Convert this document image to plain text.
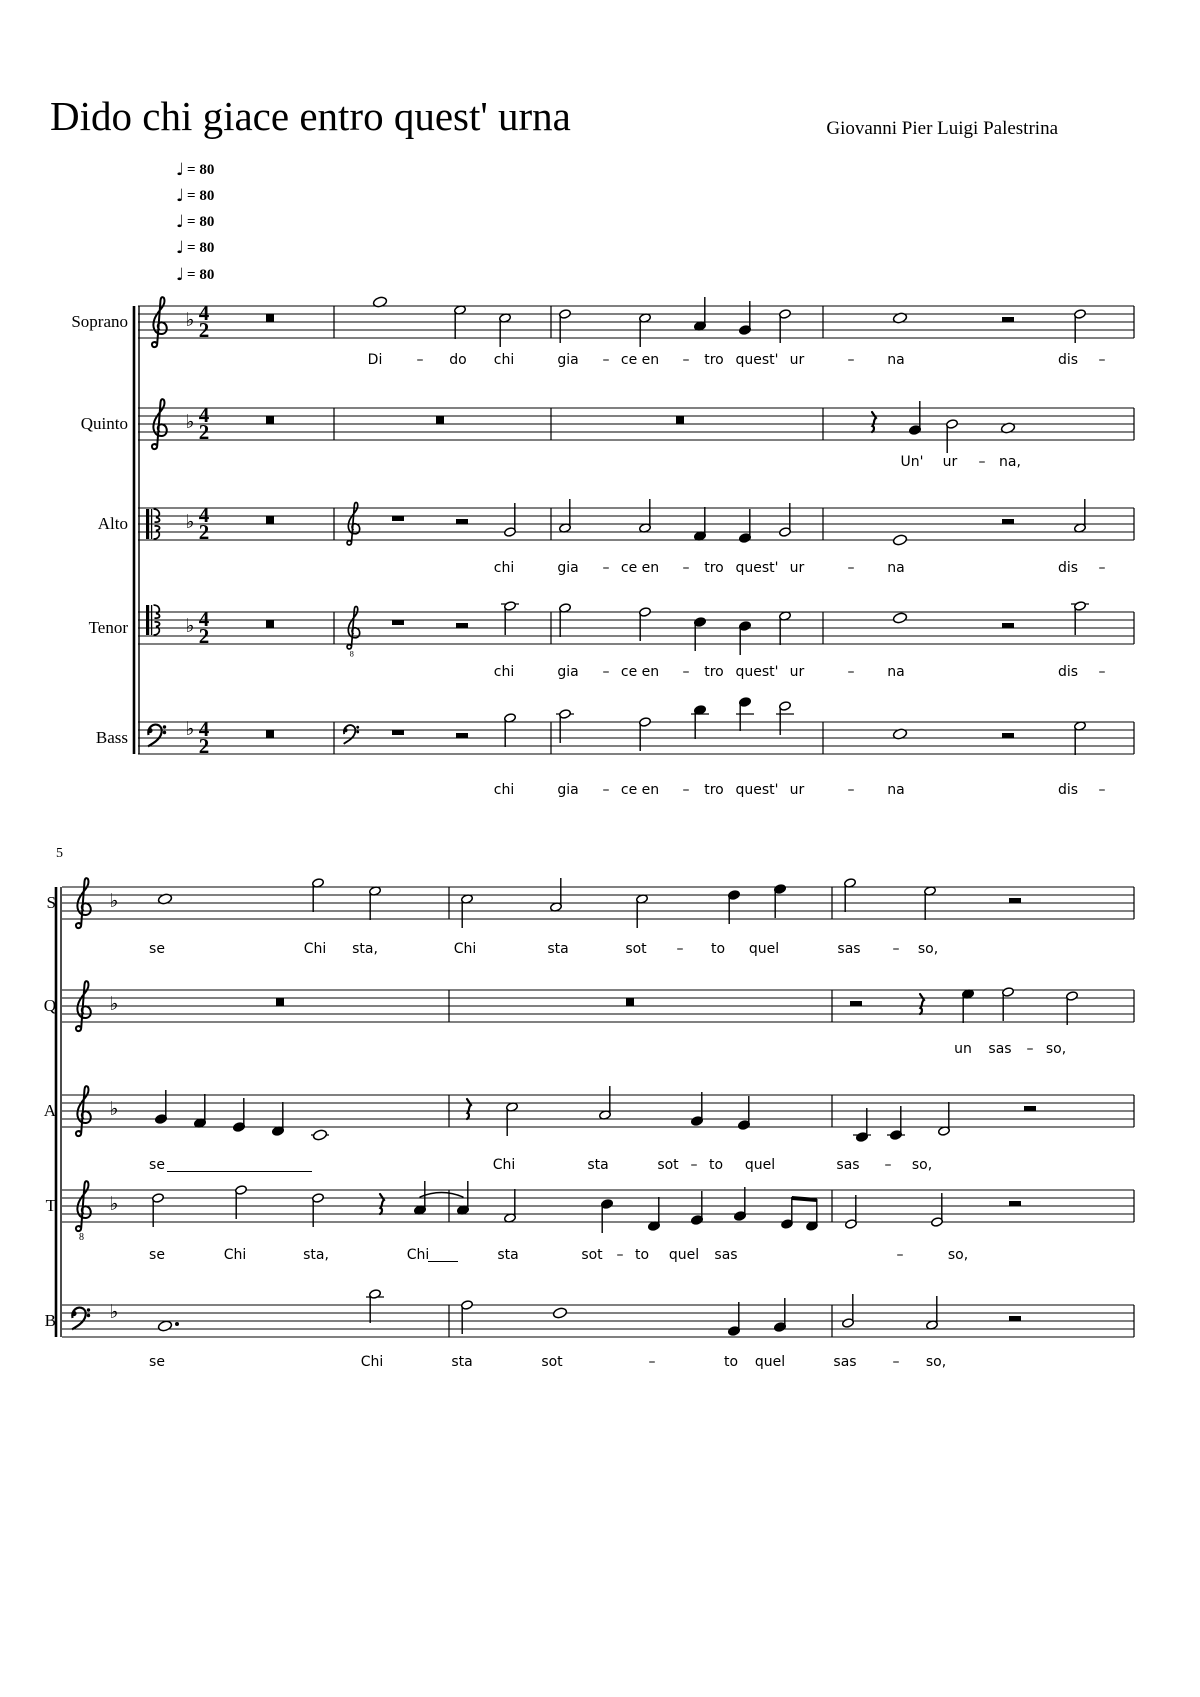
♭ 4
2
♭ 4
2
♭ 4
2
♭ 4
2
8
♭ 4
2
♭
♭
♭
8
♭
♭
Dido chi giace entro quest' urna	Giovanni Pier Luigi Palestrina
♩ = 80
♩ = 80
♩ = 80
♩ = 80
♩ = 80
5
Soprano
Di – do chi	gia – ce en – tro quest' ur	– na	dis –
Quinto
Un' ur – na,
Alto
chi	gia – ce en – tro quest' ur	– na	dis –
Tenor
chi	gia – ce en – tro quest' ur	– na	dis –
Bass
chi	gia – ce en – tro quest' ur	– na	dis –
S
se	Chi sta,	Chi	sta	sot – to quel	sas – so,
Q
un sas – so,
A
se	Chi	sta	sot – to quel	sas – so,
T
se	Chi	sta,	Chi	sta	sot – to quel sas	–	so,
B
se	Chi	sta	sot	–	to quel	sas	– so,
